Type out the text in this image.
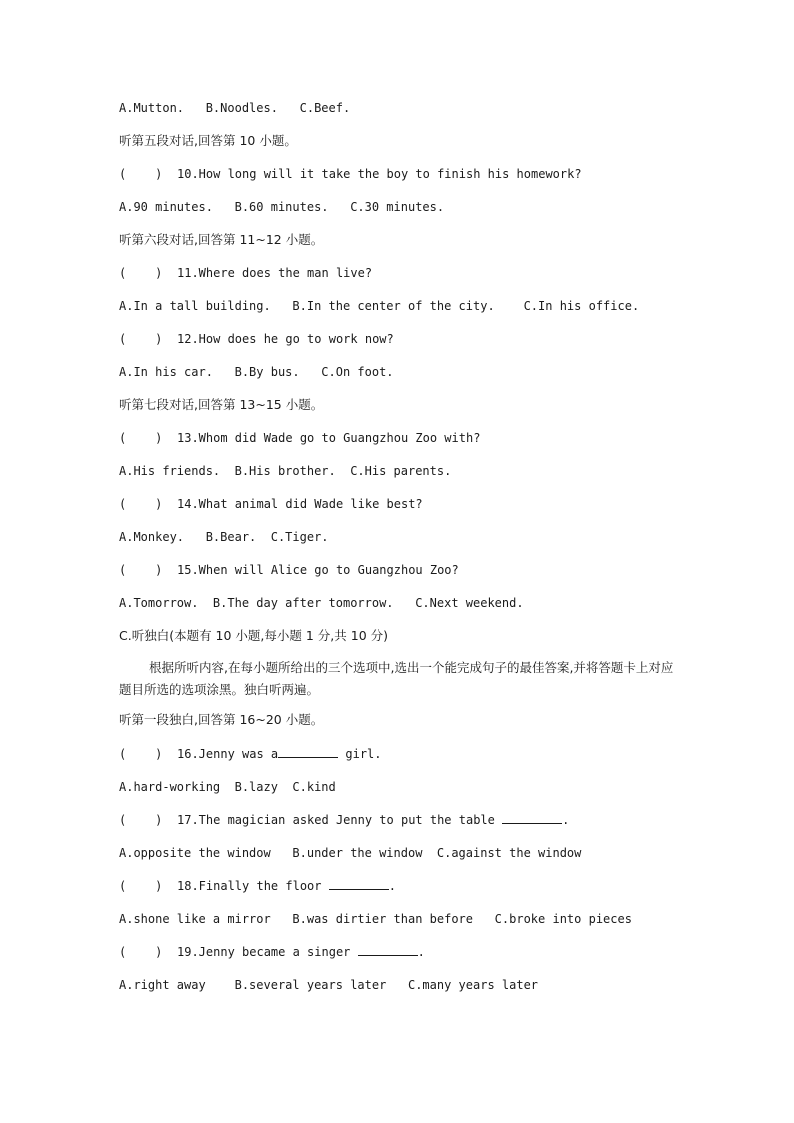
A.Mutton.   B.Noodles.   C.Beef.
听第五段对话,回答第 10 小题。
(    ) 10.How long will it take the boy to finish his homework?
A.90 minutes.   B.60 minutes.   C.30 minutes.
听第六段对话,回答第 11~12 小题。
(    ) 11.Where does the man live?
A.In a tall building.   B.In the center of the city.    C.In his office.
(    ) 12.How does he go to work now?
A.In his car.   B.By bus.   C.On foot.
听第七段对话,回答第 13~15 小题。
(    ) 13.Whom did Wade go to Guangzhou Zoo with?
A.His friends.  B.His brother.  C.His parents.
(    ) 14.What animal did Wade like best?
A.Monkey.   B.Bear.  C.Tiger.
(    ) 15.When will Alice go to Guangzhou Zoo?
A.Tomorrow.  B.The day after tomorrow.   C.Next weekend.
C.听独白(本题有 10 小题,每小题 1 分,共 10 分)
根据所听内容,在每小题所给出的三个选项中,选出一个能完成句子的最佳答案,并将答题卡上对应题目所选的选项涂黑。独白听两遍。
听第一段独白,回答第 16~20 小题。
(    ) 16.Jenny was a	girl.
A.hard-working  B.lazy  C.kind
(    ) 17.The magician asked Jenny to put the table	.
A.opposite the window   B.under the window  C.against the window
(    ) 18.Finally the floor	.
A.shone like a mirror   B.was dirtier than before   C.broke into pieces
(    ) 19.Jenny became a singer	.
A.right away    B.several years later   C.many years later
